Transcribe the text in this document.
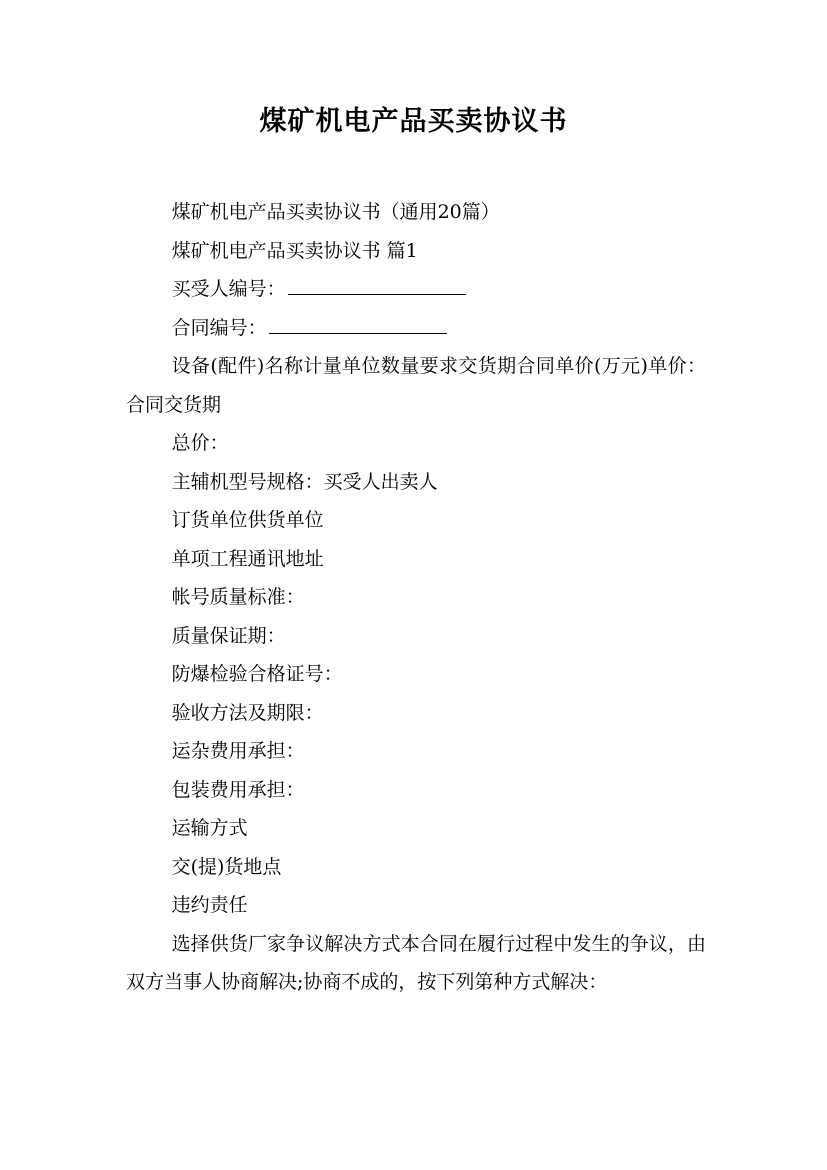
煤矿机电产品买卖协议书

煤矿机电产品买卖协议书（通用20篇）

煤矿机电产品买卖协议书 篇1

买受人编号：

合同编号：

设备(配件)名称计量单位数量要求交货期合同单价(万元)单价：合同交货期

总价：

主辅机型号规格：买受人出卖人

订货单位供货单位

单项工程通讯地址

帐号质量标准：

质量保证期：

防爆检验合格证号：

验收方法及期限：

运杂费用承担：

包装费用承担：

运输方式

交(提)货地点

违约责任

选择供货厂家争议解决方式本合同在履行过程中发生的争议，由双方当事人协商解决;协商不成的，按下列第种方式解决：
